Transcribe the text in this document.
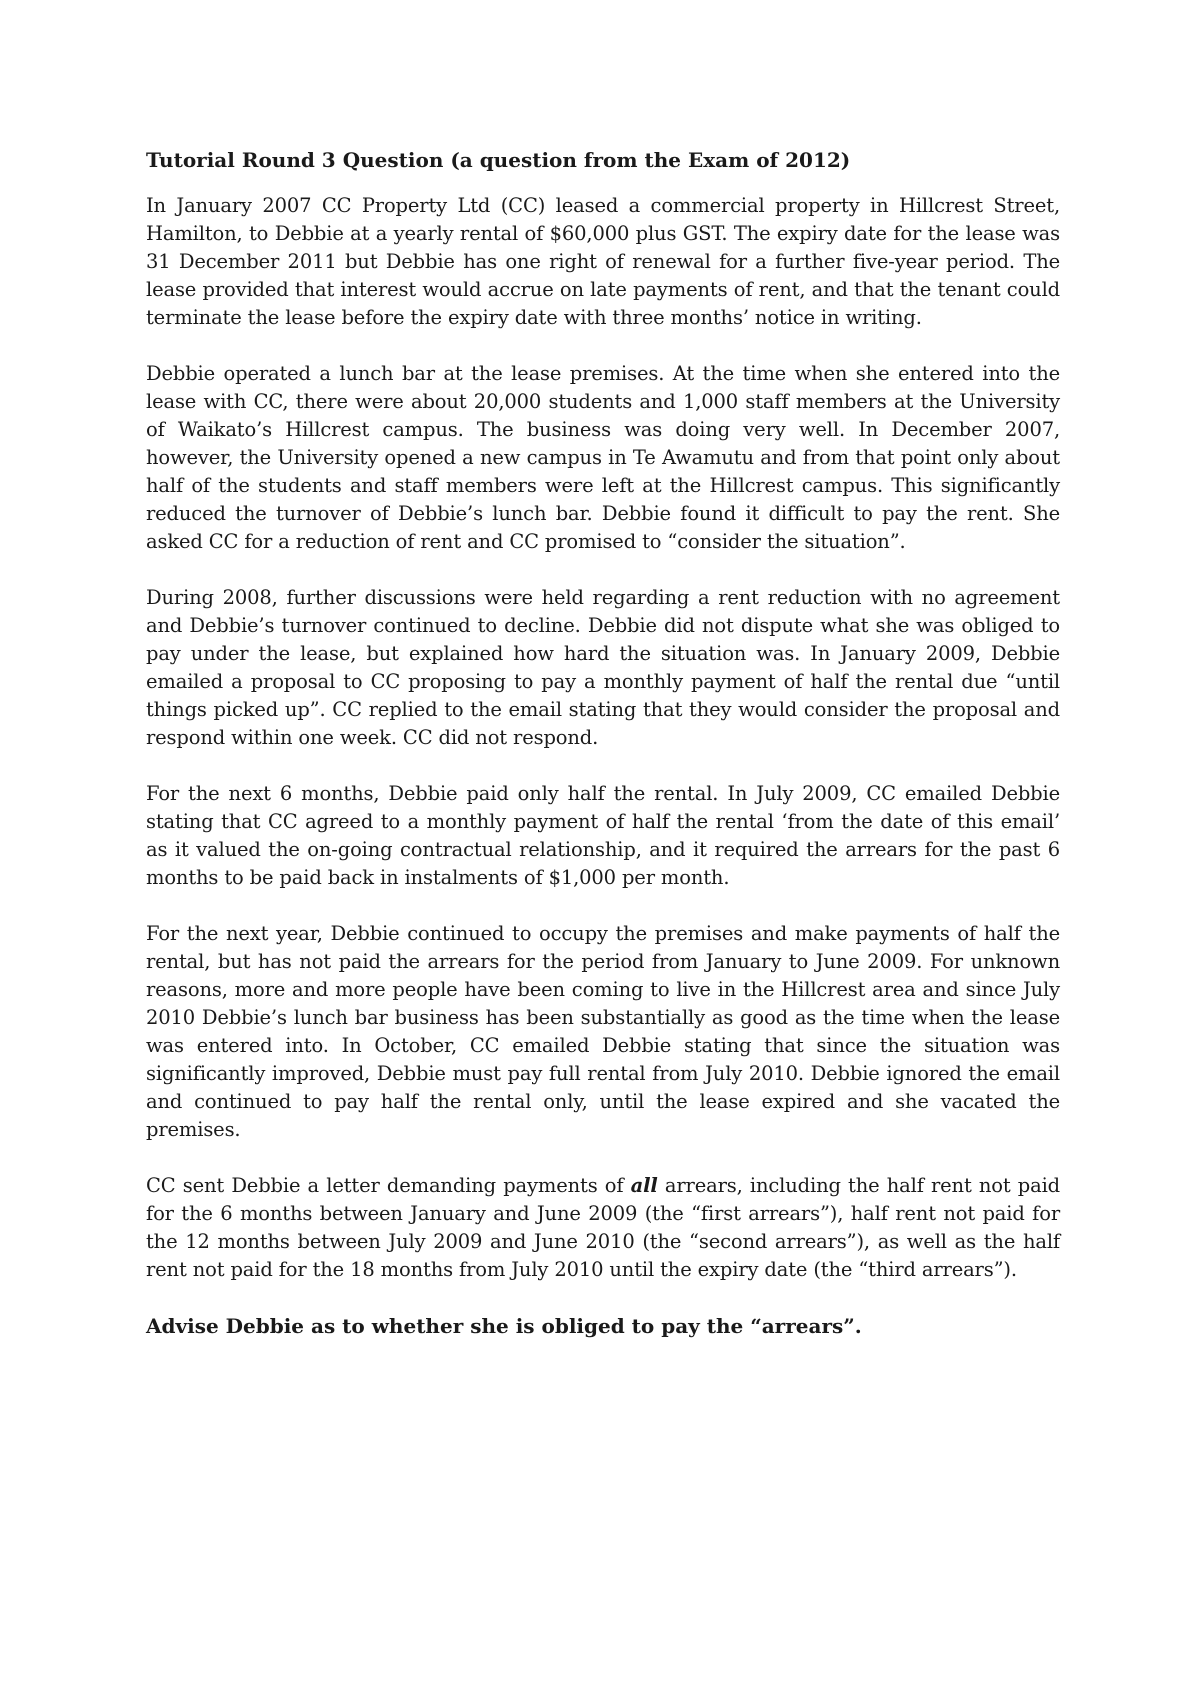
Tutorial Round 3 Question (a question from the Exam of 2012)

In January 2007 CC Property Ltd (CC) leased a commercial property in Hillcrest Street, Hamilton, to Debbie at a yearly rental of $60,000 plus GST. The expiry date for the lease was 31 December 2011 but Debbie has one right of renewal for a further five-year period. The lease provided that interest would accrue on late payments of rent, and that the tenant could terminate the lease before the expiry date with three months’ notice in writing.

Debbie operated a lunch bar at the lease premises. At the time when she entered into the lease with CC, there were about 20,000 students and 1,000 staff members at the University of Waikato’s Hillcrest campus. The business was doing very well. In December 2007, however, the University opened a new campus in Te Awamutu and from that point only about half of the students and staff members were left at the Hillcrest campus. This significantly reduced the turnover of Debbie’s lunch bar. Debbie found it difficult to pay the rent. She asked CC for a reduction of rent and CC promised to “consider the situation”.

During 2008, further discussions were held regarding a rent reduction with no agreement and Debbie’s turnover continued to decline. Debbie did not dispute what she was obliged to pay under the lease, but explained how hard the situation was. In January 2009, Debbie emailed a proposal to CC proposing to pay a monthly payment of half the rental due “until things picked up”. CC replied to the email stating that they would consider the proposal and respond within one week. CC did not respond.

For the next 6 months, Debbie paid only half the rental. In July 2009, CC emailed Debbie stating that CC agreed to a monthly payment of half the rental ‘from the date of this email’ as it valued the on-going contractual relationship, and it required the arrears for the past 6 months to be paid back in instalments of $1,000 per month.

For the next year, Debbie continued to occupy the premises and make payments of half the rental, but has not paid the arrears for the period from January to June 2009. For unknown reasons, more and more people have been coming to live in the Hillcrest area and since July 2010 Debbie’s lunch bar business has been substantially as good as the time when the lease was entered into. In October, CC emailed Debbie stating that since the situation was significantly improved, Debbie must pay full rental from July 2010. Debbie ignored the email and continued to pay half the rental only, until the lease expired and she vacated the premises.

CC sent Debbie a letter demanding payments of all arrears, including the half rent not paid for the 6 months between January and June 2009 (the “first arrears”), half rent not paid for the 12 months between July 2009 and June 2010 (the “second arrears”), as well as the half rent not paid for the 18 months from July 2010 until the expiry date (the “third arrears”).

Advise Debbie as to whether she is obliged to pay the “arrears”.
